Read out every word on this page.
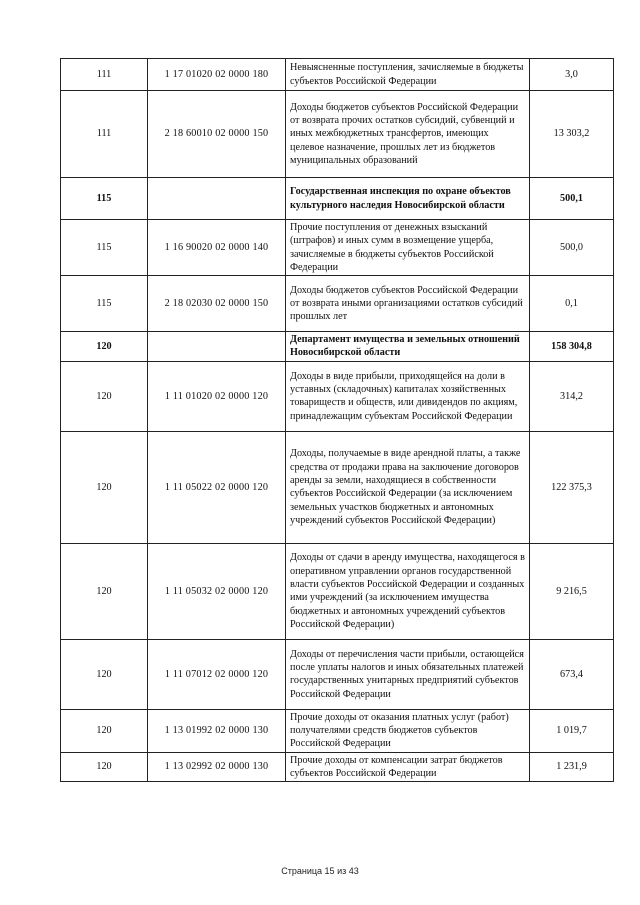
111	1 17 01020 02 0000 180	Невыясненные поступления, зачисляемые в бюджеты субъектов Российской Федерации	3,0
111	2 18 60010 02 0000 150	Доходы бюджетов субъектов Российской Федерации от возврата прочих остатков субсидий, субвенций и иных межбюджетных трансфертов, имеющих целевое назначение, прошлых лет из бюджетов муниципальных образований	13 303,2
115		Государственная инспекция по охране объектов культурного наследия Новосибирской области	500,1
115	1 16 90020 02 0000 140	Прочие поступления от денежных взысканий (штрафов) и иных сумм в возмещение ущерба, зачисляемые в бюджеты субъектов Российской Федерации	500,0
115	2 18 02030 02 0000 150	Доходы бюджетов субъектов Российской Федерации от возврата иными организациями остатков субсидий прошлых лет	0,1
120		Департамент имущества и земельных отношений Новосибирской области	158 304,8
120	1 11 01020 02 0000 120	Доходы в виде прибыли, приходящейся на доли в уставных (складочных) капиталах хозяйственных товариществ и обществ, или дивидендов по акциям, принадлежащим субъектам Российской Федерации	314,2
120	1 11 05022 02 0000 120	Доходы, получаемые в виде арендной платы, а также средства от продажи права на заключение договоров аренды за земли, находящиеся в собственности субъектов Российской Федерации (за исключением земельных участков бюджетных и автономных учреждений субъектов Российской Федерации)	122 375,3
120	1 11 05032 02 0000 120	Доходы от сдачи в аренду имущества, находящегося в оперативном управлении органов государственной власти субъектов Российской Федерации и созданных ими учреждений (за исключением имущества бюджетных и автономных учреждений субъектов Российской Федерации)	9 216,5
120	1 11 07012 02 0000 120	Доходы от перечисления части прибыли, остающейся после уплаты налогов и иных обязательных платежей государственных унитарных предприятий субъектов Российской Федерации	673,4
120	1 13 01992 02 0000 130	Прочие доходы от оказания платных услуг (работ) получателями средств бюджетов субъектов Российской Федерации	1 019,7
120	1 13 02992 02 0000 130	Прочие доходы от компенсации затрат бюджетов субъектов Российской Федерации	1 231,9
Страница 15 из 43
